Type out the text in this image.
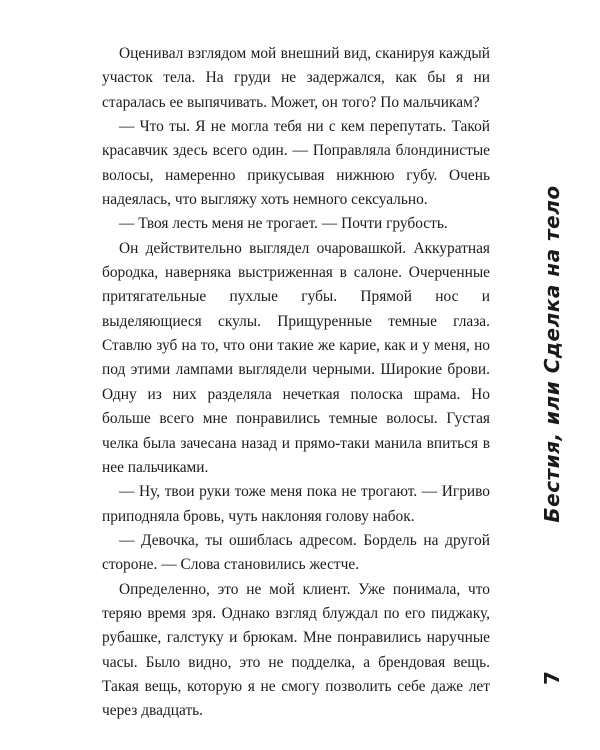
Оценивал взглядом мой внешний вид, сканируя каждый участок тела. На груди не задержался, как бы я ни старалась ее выпячивать. Может, он того? По мальчикам?

— Что ты. Я не могла тебя ни с кем перепутать. Такой красавчик здесь всего один. — Поправляла блондинистые волосы, намеренно прикусывая нижнюю губу. Очень надеялась, что выгляжу хоть немного сексуально.

— Твоя лесть меня не трогает. — Почти грубость.

Он действительно выглядел очаровашкой. Аккуратная бородка, наверняка выстриженная в салоне. Очерченные притягательные пухлые губы. Прямой нос и выделяющиеся скулы. Прищуренные темные глаза. Ставлю зуб на то, что они такие же карие, как и у меня, но под этими лампами выглядели черными. Широкие брови. Одну из них разделяла нечеткая полоска шрама. Но больше всего мне понравились темные волосы. Густая челка была зачесана назад и прямо-таки манила впиться в нее пальчиками.

— Ну, твои руки тоже меня пока не трогают. — Игриво приподняла бровь, чуть наклоняя голову набок.

— Девочка, ты ошиблась адресом. Бордель на другой стороне. — Слова становились жестче.

Определенно, это не мой клиент. Уже понимала, что теряю время зря. Однако взгляд блуждал по его пиджаку, рубашке, галстуку и брюкам. Мне понравились наручные часы. Было видно, это не подделка, а брендовая вещь. Такая вещь, которую я не смогу позволить себе даже лет через двадцать.

Бестия, или Сделка на тело
7
